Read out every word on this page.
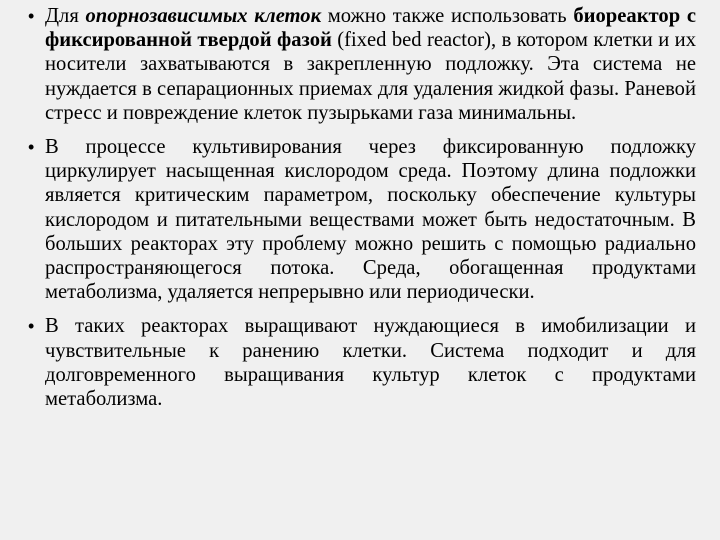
• Для опорнозависимых клеток можно также использовать биореактор с фиксированной твердой фазой (fixed bed reactor), в котором клетки и их носители захватываются в закрепленную подложку. Эта система не нуждается в сепарационных приемах для удаления жидкой фазы. Раневой стресс и повреждение клеток пузырьками газа минимальны.
• В процессе культивирования через фиксированную подложку циркулирует насыщенная кислородом среда. Поэтому длина подложки является критическим параметром, поскольку обеспечение культуры кислородом и питательными веществами может быть недостаточным. В больших реакторах эту проблему можно решить с помощью радиально распространяющегося потока. Среда, обогащенная продуктами метаболизма, удаляется непрерывно или периодически.
• В таких реакторах выращивают нуждающиеся в имобилизации и чувствительные к ранению клетки. Система подходит и для долговременного выращивания культур клеток с продуктами метаболизма.
